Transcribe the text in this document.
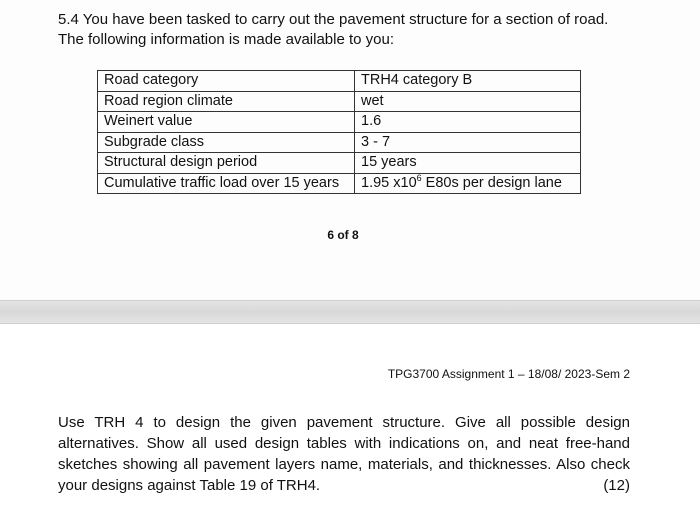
5.4 You have been tasked to carry out the pavement structure for a section of road.

The following information is made available to you:

Road category	TRH4 category B
Road region climate	wet
Weinert value	1.6
Subgrade class	3 - 7
Structural design period	15 years
Cumulative traffic load over 15 years	1.95 $x10^6$ E80s per design lane
6 of 8
TPG3700 Assignment 1 – 18/08/ 2023-Sem 2

Use TRH 4 to design the given pavement structure. Give all possible design alternatives. Show all used design tables with indications on, and neat free-hand sketches showing all pavement layers name, materials, and thicknesses. Also check your designs against Table 19 of TRH4.	(12)
